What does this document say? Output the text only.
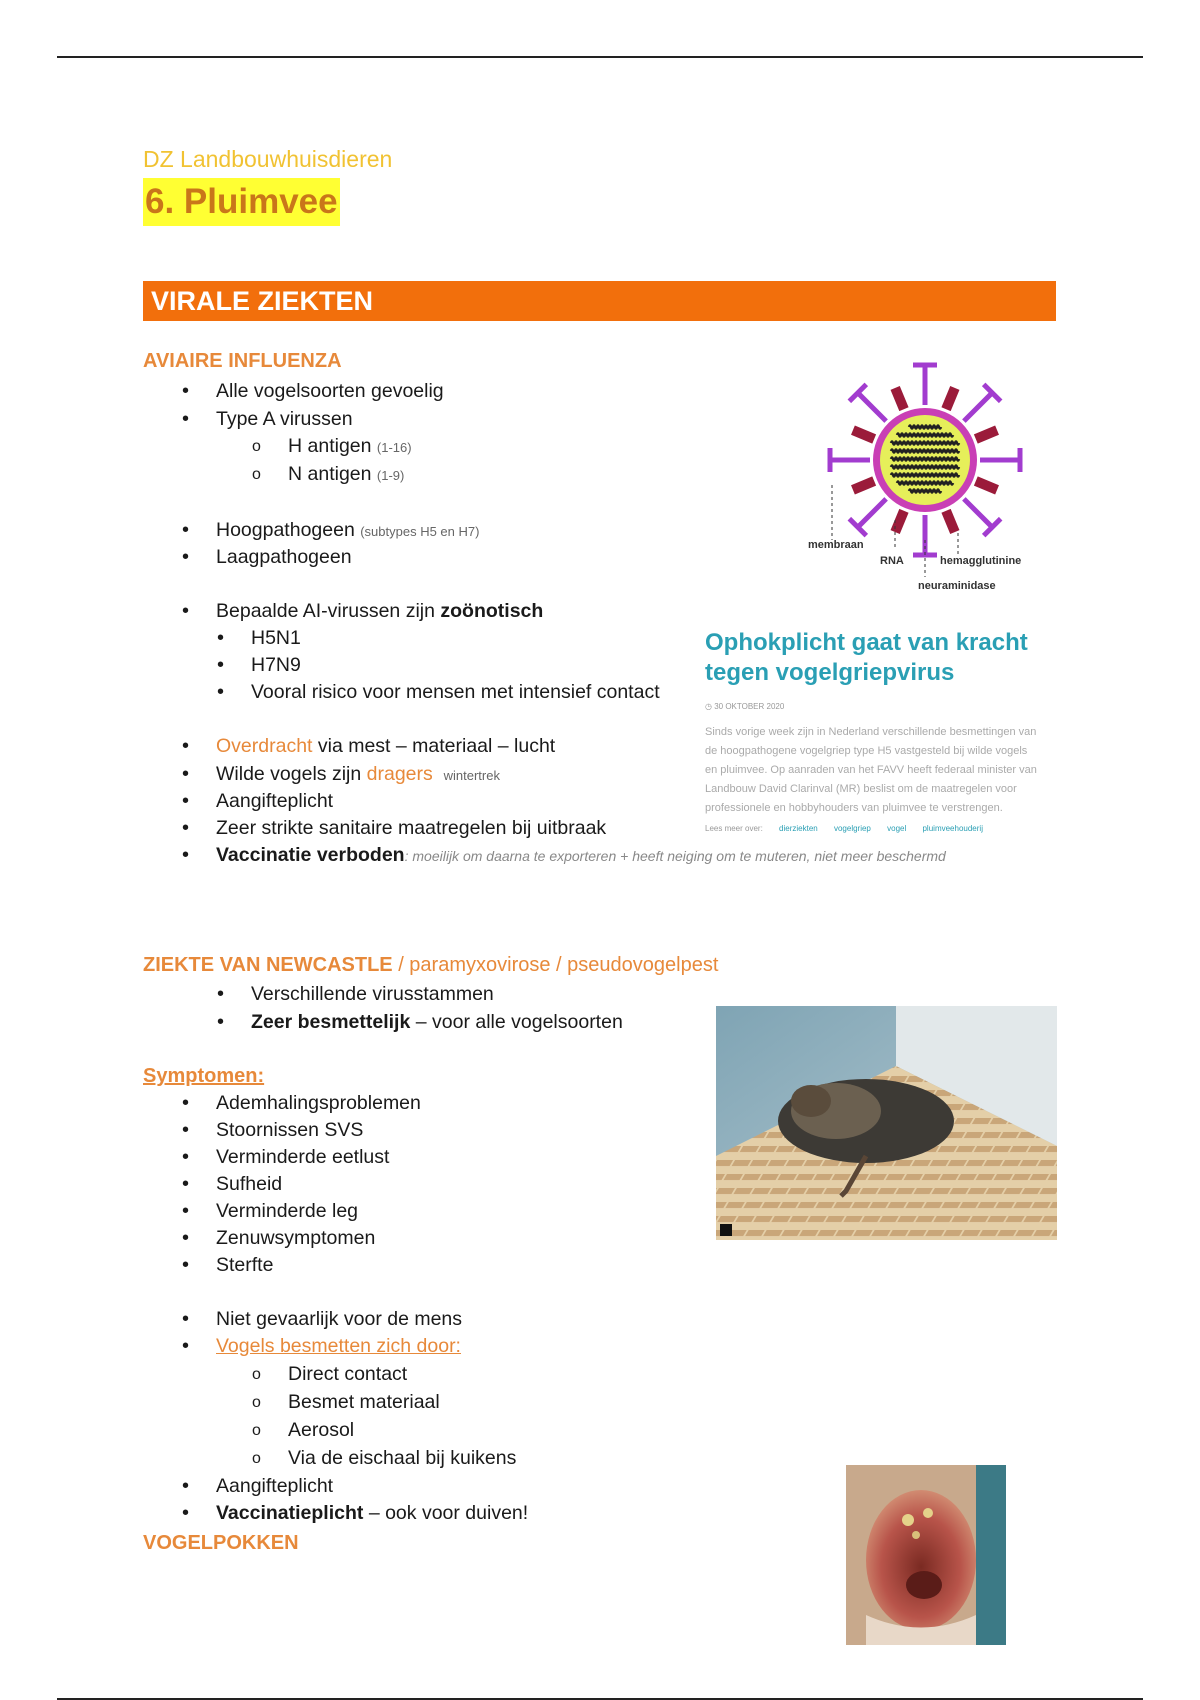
DZ Landbouwhuisdieren
6. Pluimvee
VIRALE ZIEKTEN
AVIAIRE INFLUENZA
• Alle vogelsoorten gevoelig
• Type A virussen
o H antigen (1-16)
o N antigen (1-9)
• Hoogpathogeen (subtypes H5 en H7)
• Laagpathogeen
• Bepaalde AI-virussen zijn zoönotisch
• H5N1
• H7N9
• Vooral risico voor mensen met intensief contact
• Overdracht via mest – materiaal – lucht
• Wilde vogels zijn dragers wintertrek
• Aangifteplicht
• Zeer strikte sanitaire maatregelen bij uitbraak
• Vaccinatie verboden: moeilijk om daarna te exporteren + heeft neiging om te muteren, niet meer beschermd
membraan
RNA	hemagglutinine
neuraminidase
Ophokplicht gaat van kracht
tegen vogelgriepvirus
◷ 30 OKTOBER 2020
Sinds vorige week zijn in Nederland verschillende besmettingen van
de hoogpathogene vogelgriep type H5 vastgesteld bij wilde vogels
en pluimvee. Op aanraden van het FAVV heeft federaal minister van
Landbouw David Clarinval (MR) beslist om de maatregelen voor
professionele en hobbyhouders van pluimvee te verstrengen.
Lees meer over: dierziekten vogelgriep vogel pluimveehouderij
ZIEKTE VAN NEWCASTLE / paramyxovirose / pseudovogelpest
• Verschillende virusstammen
• Zeer besmettelijk – voor alle vogelsoorten
Symptomen:
• Ademhalingsproblemen
• Stoornissen SVS
• Verminderde eetlust
• Sufheid
• Verminderde leg
• Zenuwsymptomen
• Sterfte
• Niet gevaarlijk voor de mens
• Vogels besmetten zich door:
o Direct contact
o Besmet materiaal
o Aerosol
o Via de eischaal bij kuikens
• Aangifteplicht
• Vaccinatieplicht – ook voor duiven!
VOGELPOKKEN
